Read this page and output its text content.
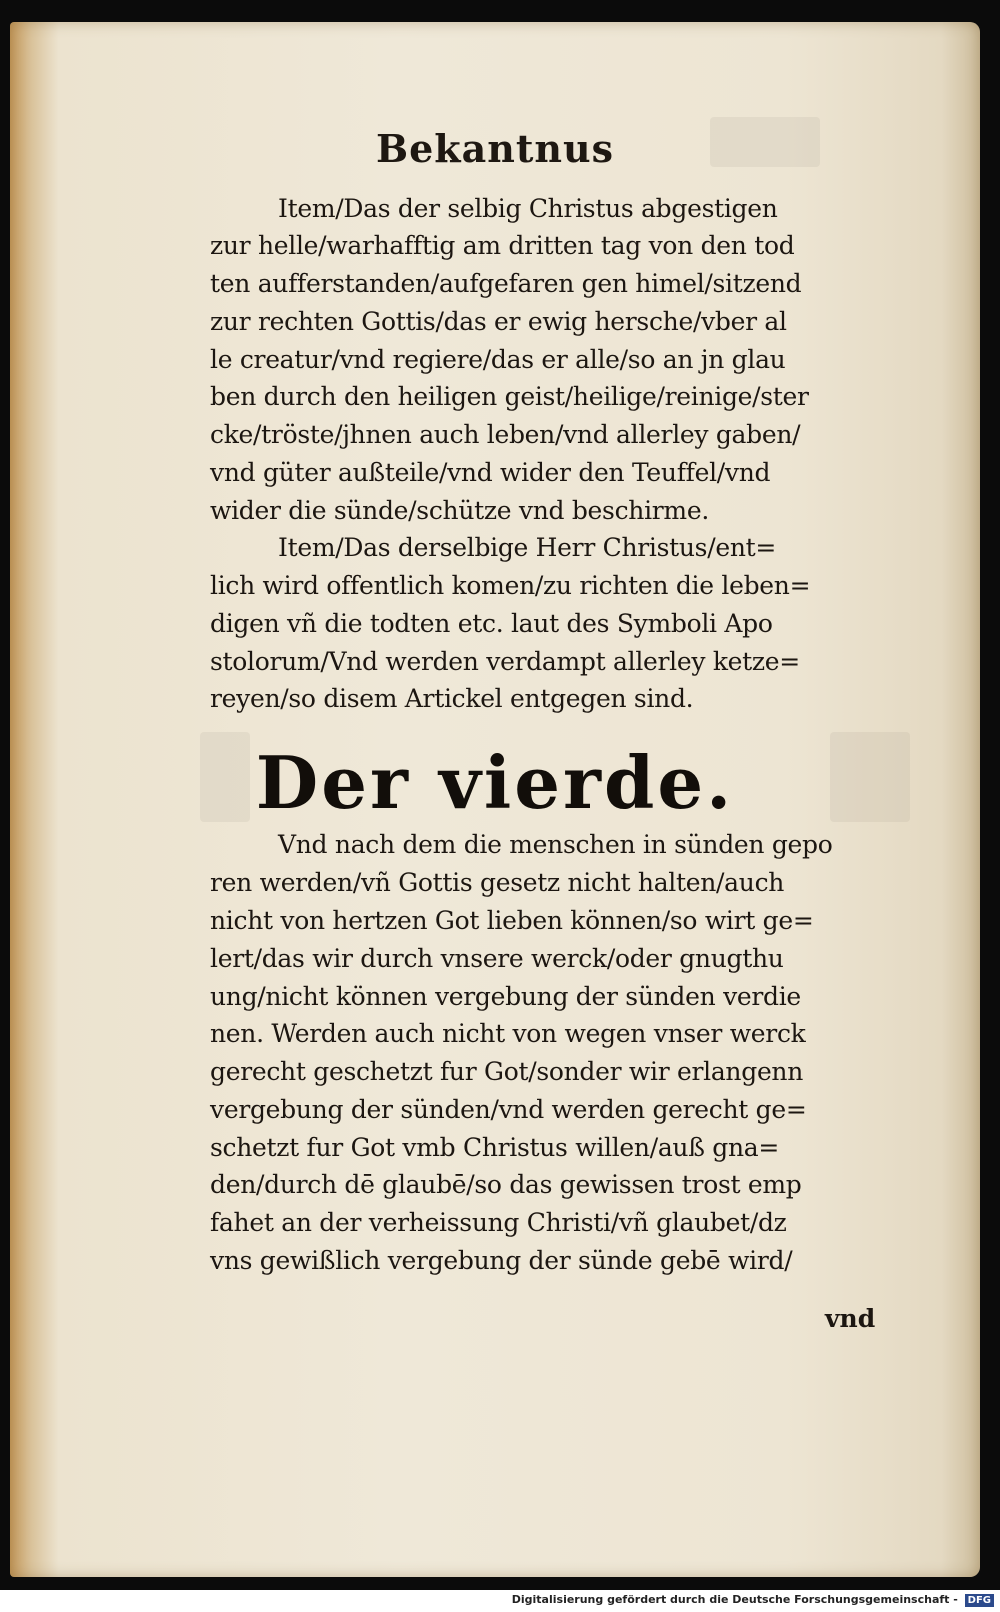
Bekantnus
Item/Das der selbig Christus abgestigen
zur helle/warhafftig am dritten tag von den tod
ten aufferstanden/aufgefaren gen himel/sitzend
zur rechten Gottis/das er ewig hersche/vber al
le creatur/vnd regiere/das er alle/so an jn glau
ben durch den heiligen geist/heilige/reinige/ster
cke/tröste/jhnen auch leben/vnd allerley gaben/
vnd güter außteile/vnd wider den Teuffel/vnd
wider die sünde/schütze vnd beschirme.
Item/Das derselbige Herr Christus/ent=
lich wird offentlich komen/zu richten die leben=
digen vñ die todten etc. laut des Symboli Apo
stolorum/Vnd werden verdampt allerley ketze=
reyen/so disem Artickel entgegen sind.
Der vierde.
Vnd nach dem die menschen in sünden gepo
ren werden/vñ Gottis gesetz nicht halten/auch
nicht von hertzen Got lieben können/so wirt ge=
lert/das wir durch vnsere werck/oder gnugthu
ung/nicht können vergebung der sünden verdie
nen. Werden auch nicht von wegen vnser werck
gerecht geschetzt fur Got/sonder wir erlangenn
vergebung der sünden/vnd werden gerecht ge=
schetzt fur Got vmb Christus willen/auß gna=
den/durch dē glaubē/so das gewissen trost emp
fahet an der verheissung Christi/vñ glaubet/dz
vns gewißlich vergebung der sünde gebē wird/
vnd
Digitalisierung gefördert durch die Deutsche Forschungsgemeinschaft - DFG
